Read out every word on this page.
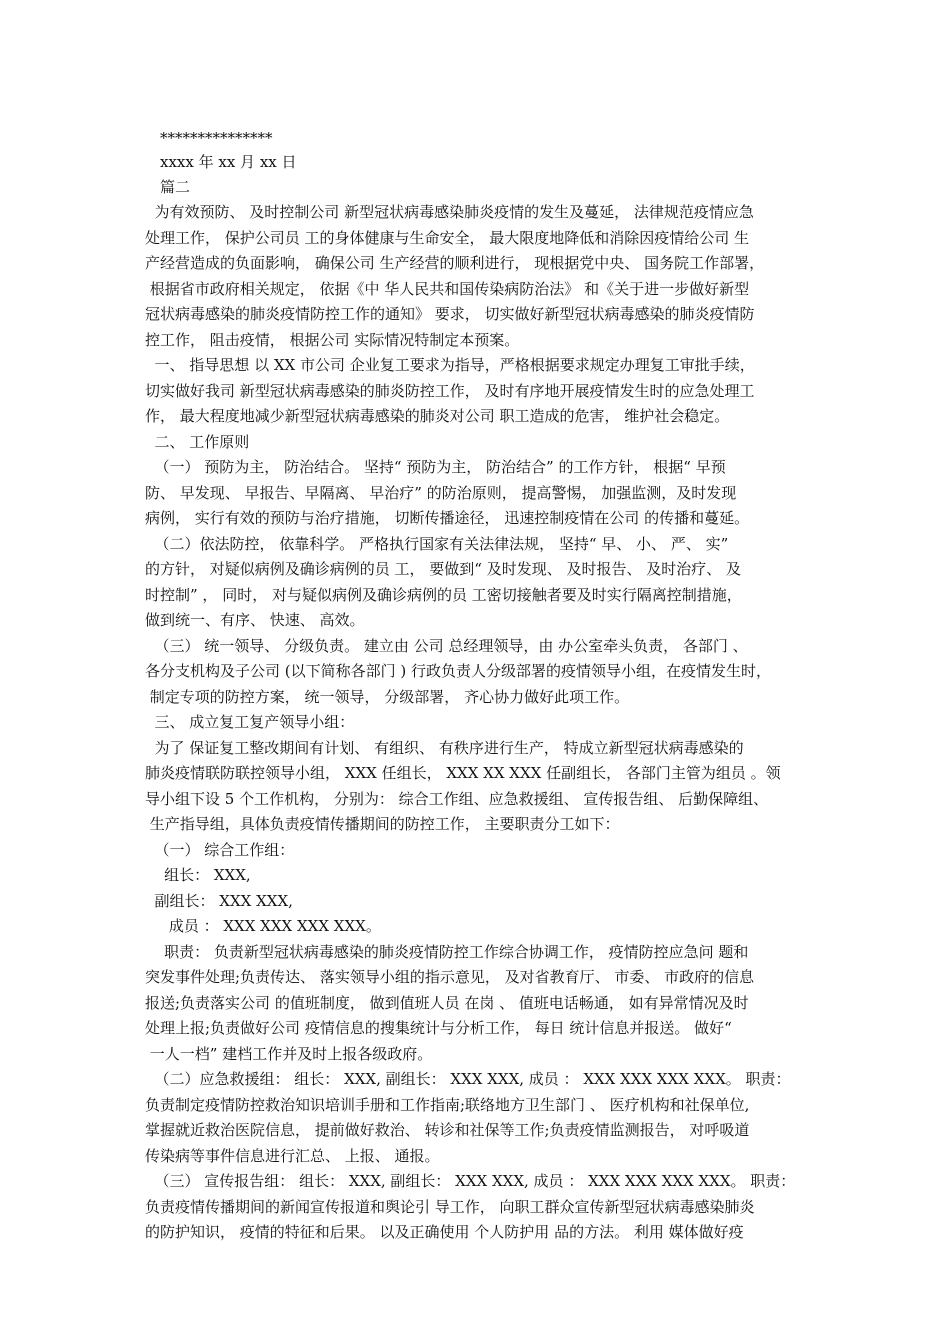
***************
xxxx 年 xx 月 xx 日
篇二
为有效预防、 及时控制公司 新型冠状病毒感染肺炎疫情的发生及蔓延， 法律规范疫情应急
处理工作， 保护公司员 工的身体健康与生命安全， 最大限度地降低和消除因疫情给公司 生
产经营造成的负面影响， 确保公司 生产经营的顺利进行， 现根据党中央、 国务院工作部署，
根据省市政府相关规定， 依据《中 华人民共和国传染病防治法》 和《关于进一步做好新型
冠状病毒感染的肺炎疫情防控工作的通知》 要求， 切实做好新型冠状病毒感染的肺炎疫情防
控工作， 阻击疫情， 根据公司 实际情况特制定本预案。
一、 指导思想 以 XX 市公司 企业复工要求为指导，严格根据要求规定办理复工审批手续，
切实做好我司 新型冠状病毒感染的肺炎防控工作， 及时有序地开展疫情发生时的应急处理工
作， 最大程度地减少新型冠状病毒感染的肺炎对公司 职工造成的危害， 维护社会稳定。
二、 工作原则
（一） 预防为主， 防治结合。 坚持“ 预防为主， 防治结合” 的工作方针， 根据“ 早预
防、 早发现、 早报告、早隔离、 早治疗” 的防治原则， 提高警惕， 加强监测，及时发现
病例， 实行有效的预防与治疗措施， 切断传播途径， 迅速控制疫情在公司 的传播和蔓延。
（二）依法防控， 依靠科学。 严格执行国家有关法律法规， 坚持“ 早、 小、 严、 实”
的方针， 对疑似病例及确诊病例的员 工， 要做到“ 及时发现、 及时报告、 及时治疗、 及
时控制” ， 同时， 对与疑似病例及确诊病例的员 工密切接触者要及时实行隔离控制措施，
做到统一、有序、 快速、 高效。
（三） 统一领导、 分级负责。 建立由 公司 总经理领导，由 办公室牵头负责， 各部门 、
各分支机构及子公司 (以下简称各部门 ) 行政负责人分级部署的疫情领导小组，在疫情发生时，
制定专项的防控方案， 统一领导， 分级部署， 齐心协力做好此项工作。
三、 成立复工复产领导小组：
为了 保证复工整改期间有计划、 有组织、 有秩序进行生产， 特成立新型冠状病毒感染的
肺炎疫情联防联控领导小组， XXX 任组长， XXX XX XXX 任副组长， 各部门主管为组员 。领
导小组下设 5 个工作机构， 分别为： 综合工作组、应急救援组、 宣传报告组、 后勤保障组、
生产指导组，具体负责疫情传播期间的防控工作， 主要职责分工如下：
（一） 综合工作组：
组长： XXX,
副组长： XXX XXX,
成员 ： XXX XXX XXX XXX。
职责： 负责新型冠状病毒感染的肺炎疫情防控工作综合协调工作， 疫情防控应急问 题和
突发事件处理;负责传达、 落实领导小组的指示意见， 及对省教育厅、 市委、 市政府的信息
报送;负责落实公司 的值班制度， 做到值班人员 在岗 、 值班电话畅通， 如有异常情况及时
处理上报;负责做好公司 疫情信息的搜集统计与分析工作， 每日 统计信息并报送。 做好“
一人一档” 建档工作并及时上报各级政府。
（二）应急救援组： 组长： XXX, 副组长： XXX XXX, 成员 ： XXX XXX XXX XXX。 职责：
负责制定疫情防控救治知识培训手册和工作指南;联络地方卫生部门 、 医疗机构和社保单位,
掌握就近救治医院信息， 提前做好救治、 转诊和社保等工作;负责疫情监测报告， 对呼吸道
传染病等事件信息进行汇总、 上报、 通报。
（三） 宣传报告组： 组长： XXX, 副组长： XXX XXX, 成员 ： XXX XXX XXX XXX。 职责：
负责疫情传播期间的新闻宣传报道和舆论引 导工作， 向职工群众宣传新型冠状病毒感染肺炎
的防护知识， 疫情的特征和后果。 以及正确使用 个人防护用 品的方法。 利用 媒体做好疫
